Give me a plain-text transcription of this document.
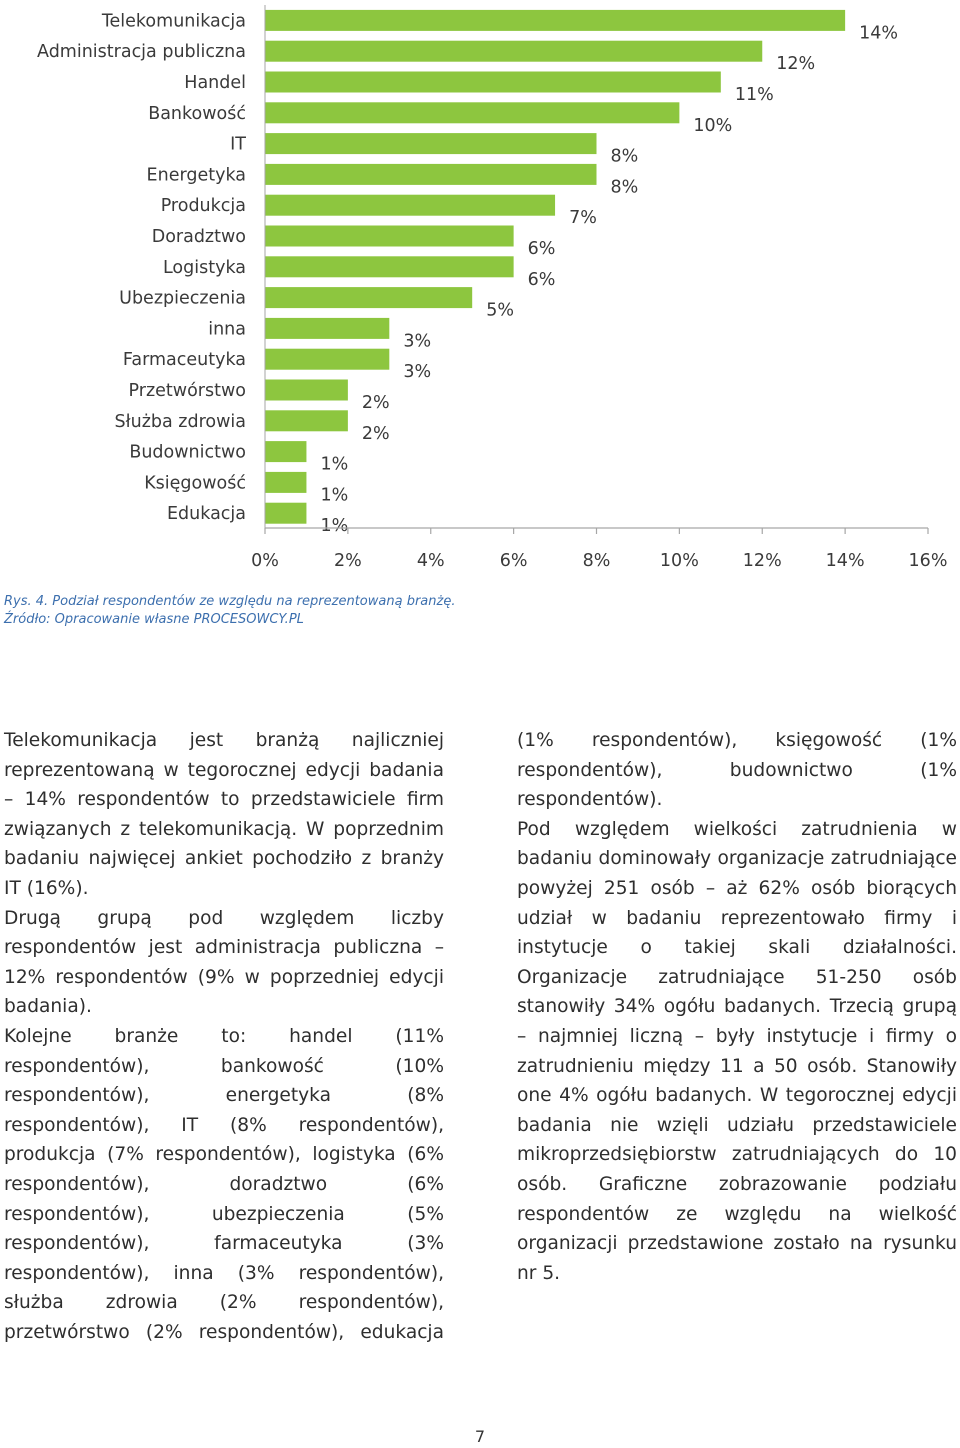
Telekomunikacja
Administracja publiczna
Handel
Bankowość
IT
Energetyka
Produkcja
Doradztwo
Logistyka
Ubezpieczenia
inna
Farmaceutyka
Przetwórstwo
Służba zdrowia
Budownictwo
Księgowość
Edukacja
14%
12%
11%
10%
8%
8%
7%
6%
6%
5%
3%
3%
2%
2%
1%
1%
1%
0%	2%	4%	6%	8%	10%	12%	14%	16%
Rys. 4. Podział respondentów ze względu na reprezentowaną branżę.
Źródło: Opracowanie własne PROCESOWCY.PL

Telekomunikacja jest branżą najliczniej reprezentowaną w tegorocznej edycji badania – 14% respondentów to przedstawiciele firm związanych z telekomunikacją. W poprzednim badaniu najwięcej ankiet pochodziło z branży IT (16%).

Drugą grupą pod względem liczby respondentów jest administracja publiczna – 12% respondentów (9% w poprzedniej edycji badania).

Kolejne branże to: handel (11% respondentów), bankowość (10% respondentów), energetyka (8% respondentów), IT (8% respondentów), produkcja (7% respondentów), logistyka (6% respondentów), doradztwo (6% respondentów), ubezpieczenia (5% respondentów), farmaceutyka (3% respondentów), inna (3% respondentów), służba zdrowia (2% respondentów), przetwórstwo (2% respondentów), edukacja

(1% respondentów), księgowość (1% respondentów), budownictwo (1% respondentów).

Pod względem wielkości zatrudnienia w badaniu dominowały organizacje zatrudniające powyżej 251 osób – aż 62% osób biorących udział w badaniu reprezentowało firmy i instytucje o takiej skali działalności. Organizacje zatrudniające 51-250 osób stanowiły 34% ogółu badanych. Trzecią grupą – najmniej liczną – były instytucje i firmy o zatrudnieniu między 11 a 50 osób. Stanowiły one 4% ogółu badanych. W tegorocznej edycji badania nie wzięli udziału przedstawiciele mikroprzedsiębiorstw zatrudniających do 10 osób. Graficzne zobrazowanie podziału respondentów ze względu na wielkość organizacji przedstawione zostało na rysunku nr 5.

7
